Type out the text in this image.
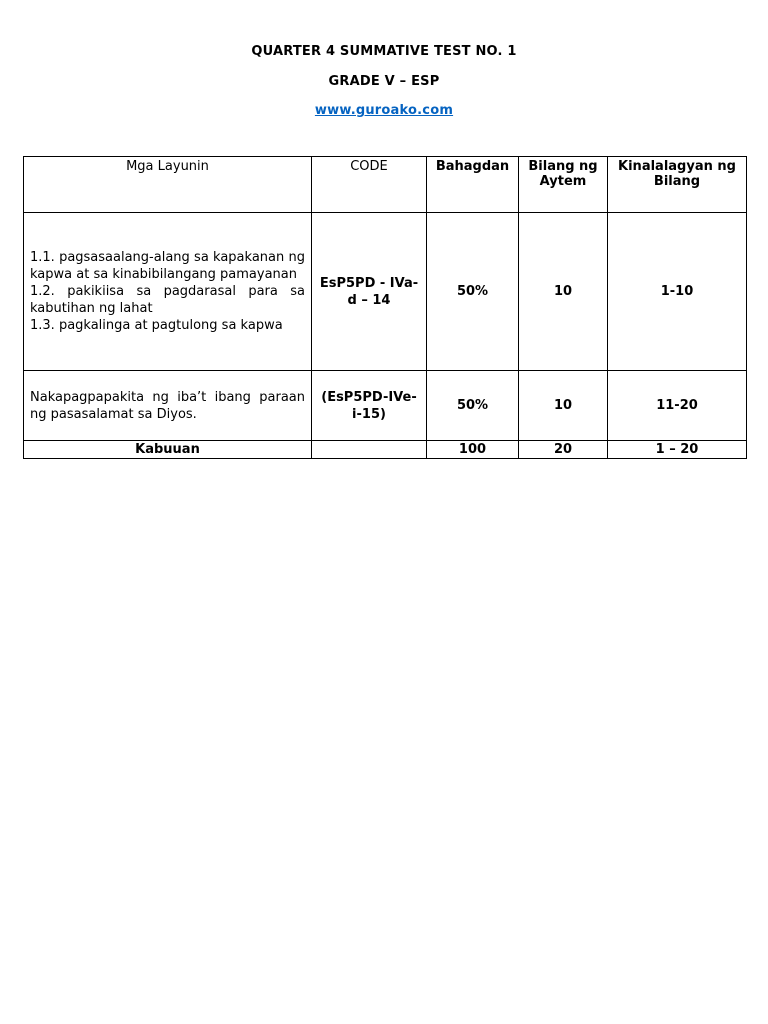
QUARTER 4 SUMMATIVE TEST NO. 1
GRADE V – ESP
www.guroako.com
Mga Layunin	CODE	Bahagdan	Bilang ng Aytem	Kinalalagyan ng Bilang

1.1. pagsasaalang-alang sa kapakanan ng kapwa at sa kinabibilangang pamayanan
1.2. pakikiisa sa pagdarasal para sa kabutihan ng lahat
1.3. pagkalinga at pagtulong sa kapwa	EsP5PD - IVa-d – 14	50%	10	1-10

Nakapagpapakita ng iba’t ibang paraan ng pasasalamat sa Diyos.	(EsP5PD-IVe-i-15)	50%	10	11-20
Kabuuan		100	20	1 – 20
